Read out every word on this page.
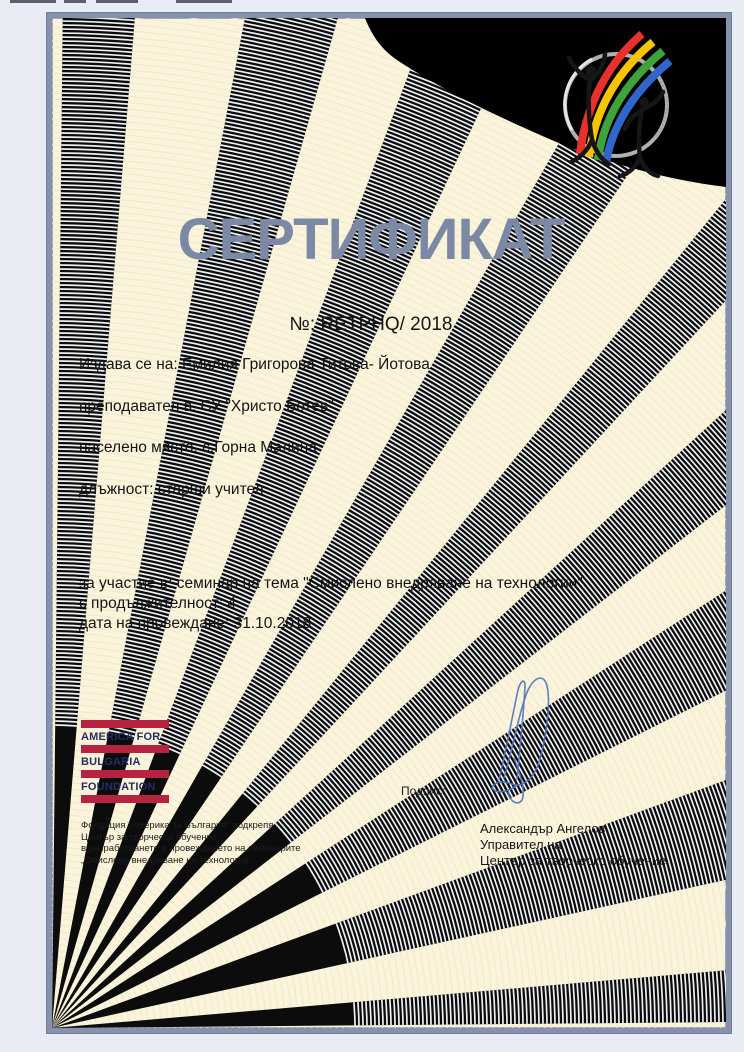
СЕРТИФИКАТ
№: RETPHQ/ 2018
Издава се на: Емилия Григорова Титова- Йотова
преподавател в: СУ "Христо Ботев"
населено място: с.Горна Малина
длъжност: старши учител
за участие в: семинар на тема "Смислено внедряване на технологии"
с продължителност: 4
дата на провеждане: 31.10.2018
AMERICA FOR
BULGARIA
FOUNDATION	Подпис:
Александър Ангелов
Управител на
Център за творческо обучение
Фондация „Америка за България" подкрепя
Център за творческо обучение
в разработването и провеждането на семинарите
„Смислено внедряване на технологии".
